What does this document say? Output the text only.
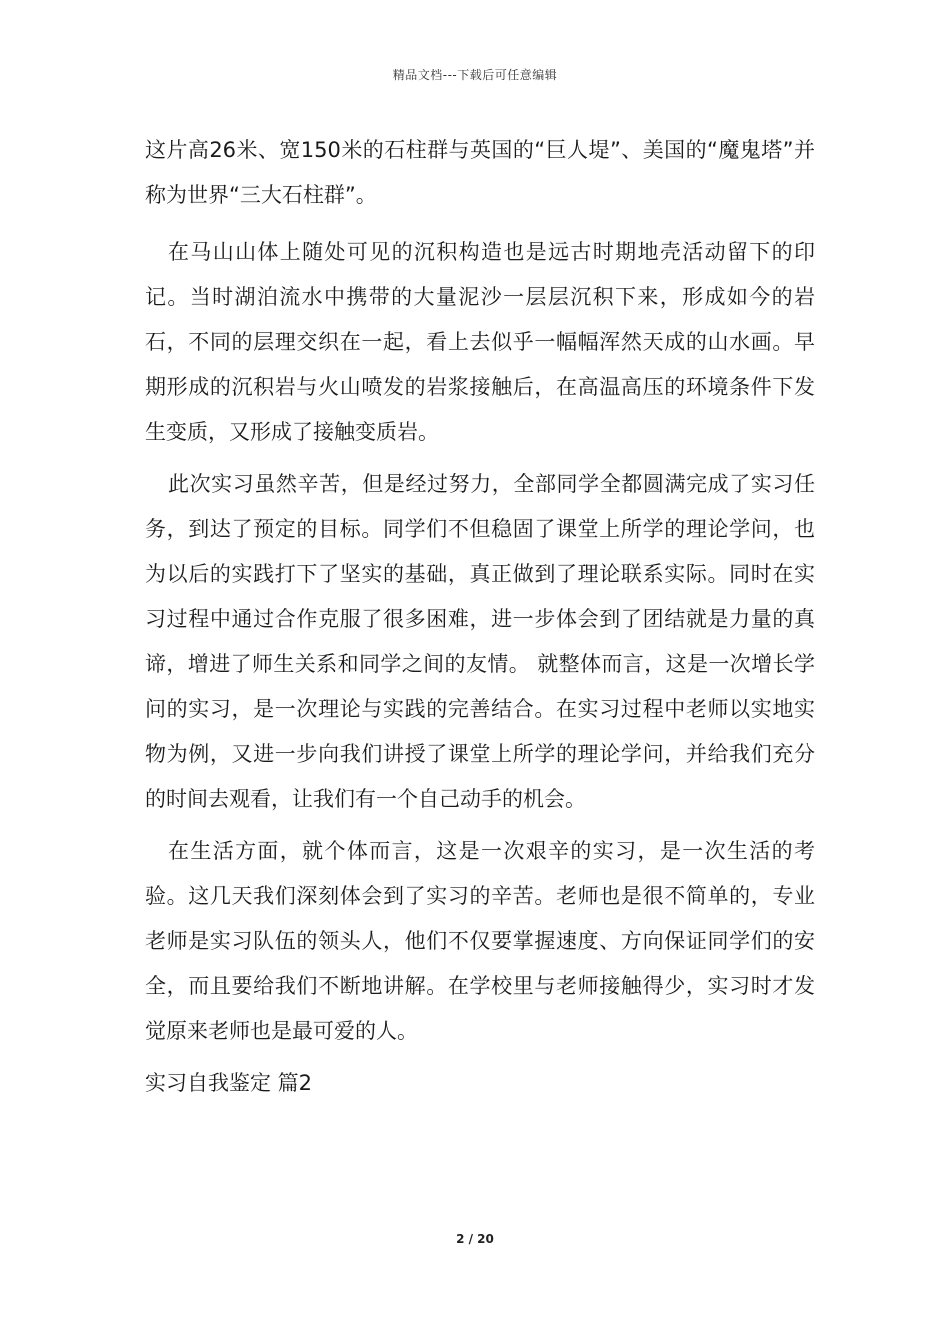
精品文档---下载后可任意编辑

这片高26米、宽150米的石柱群与英国的“巨人堤”、美国的“魔鬼塔”并称为世界“三大石柱群”。

在马山山体上随处可见的沉积构造也是远古时期地壳活动留下的印记。当时湖泊流水中携带的大量泥沙一层层沉积下来，形成如今的岩石，不同的层理交织在一起，看上去似乎一幅幅浑然天成的山水画。早期形成的沉积岩与火山喷发的岩浆接触后，在高温高压的环境条件下发生变质，又形成了接触变质岩。

此次实习虽然辛苦，但是经过努力，全部同学全都圆满完成了实习任务，到达了预定的目标。同学们不但稳固了课堂上所学的理论学问，也为以后的实践打下了坚实的基础，真正做到了理论联系实际。同时在实习过程中通过合作克服了很多困难，进一步体会到了团结就是力量的真谛，增进了师生关系和同学之间的友情。 就整体而言，这是一次增长学问的实习，是一次理论与实践的完善结合。在实习过程中老师以实地实物为例，又进一步向我们讲授了课堂上所学的理论学问，并给我们充分的时间去观看，让我们有一个自己动手的机会。

在生活方面，就个体而言，这是一次艰辛的实习，是一次生活的考验。这几天我们深刻体会到了实习的辛苦。老师也是很不简单的，专业老师是实习队伍的领头人，他们不仅要掌握速度、方向保证同学们的安全，而且要给我们不断地讲解。在学校里与老师接触得少，实习时才发觉原来老师也是最可爱的人。

实习自我鉴定 篇2
2 / 20
